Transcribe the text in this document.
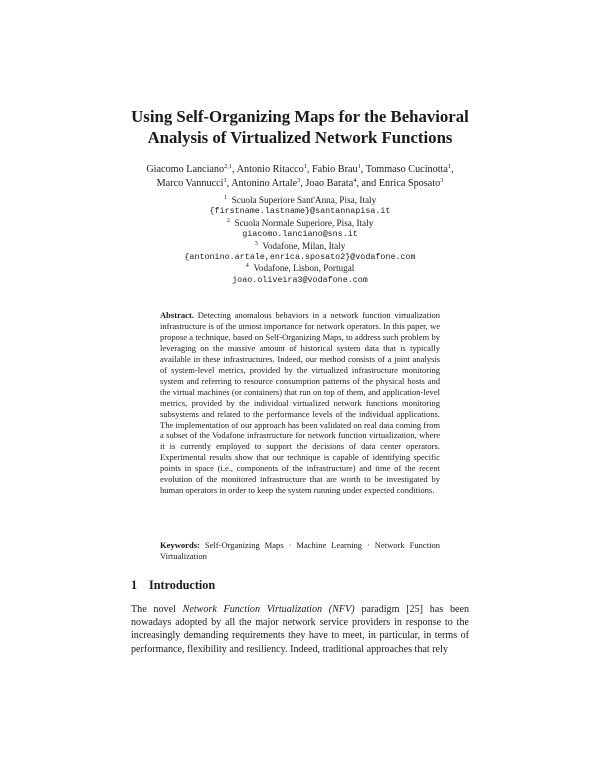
Using Self-Organizing Maps for the Behavioral
Analysis of Virtualized Network Functions
Giacomo Lanciano$^{2,1}$, Antonio Ritacco$^1$, Fabio Brau$^1$, Tommaso Cucinotta$^1$,
Marco Vannucci$^1$, Antonino Artale$^3$, Joao Barata$^4$, and Enrica Sposato$^3$
$^1$ Scuola Superiore Sant'Anna, Pisa, Italy
{firstname.lastname}@santannapisa.it
$^2$ Scuola Normale Superiore, Pisa, Italy
giacomo.lanciano@sns.it
$^3$ Vodafone, Milan, Italy
{antonino.artale,enrica.sposato2}@vodafone.com
$^4$ Vodafone, Lisbon, Portugal
joao.oliveira3@vodafone.com

Abstract. Detecting anomalous behaviors in a network function virtualization infrastructure is of the utmost importance for network operators. In this paper, we propose a technique, based on Self-Organizing Maps, to address such problem by leveraging on the massive amount of historical system data that is typically available in these infrastructures. Indeed, our method consists of a joint analysis of system-level metrics, provided by the virtualized infrastructure monitoring system and referring to resource consumption patterns of the physical hosts and the virtual machines (or containers) that run on top of them, and application-level metrics, provided by the individual virtualized network functions monitoring subsystems and related to the performance levels of the individual applications. The implementation of our approach has been validated on real data coming from a subset of the Vodafone infrastructure for network function virtualization, where it is currently employed to support the decisions of data center operators. Experimental results show that our technique is capable of identifying specific points in space (i.e., components of the infrastructure) and time of the recent evolution of the monitored infrastructure that are worth to be investigated by human operators in order to keep the system running under expected conditions.

Keywords: Self-Organizing Maps · Machine Learning · Network Function Virtualization

1 Introduction

The novel Network Function Virtualization (NFV) paradigm [25] has been nowadays adopted by all the major network service providers in response to the increasingly demanding requirements they have to meet, in particular, in terms of performance, flexibility and resiliency. Indeed, traditional approaches that rely
